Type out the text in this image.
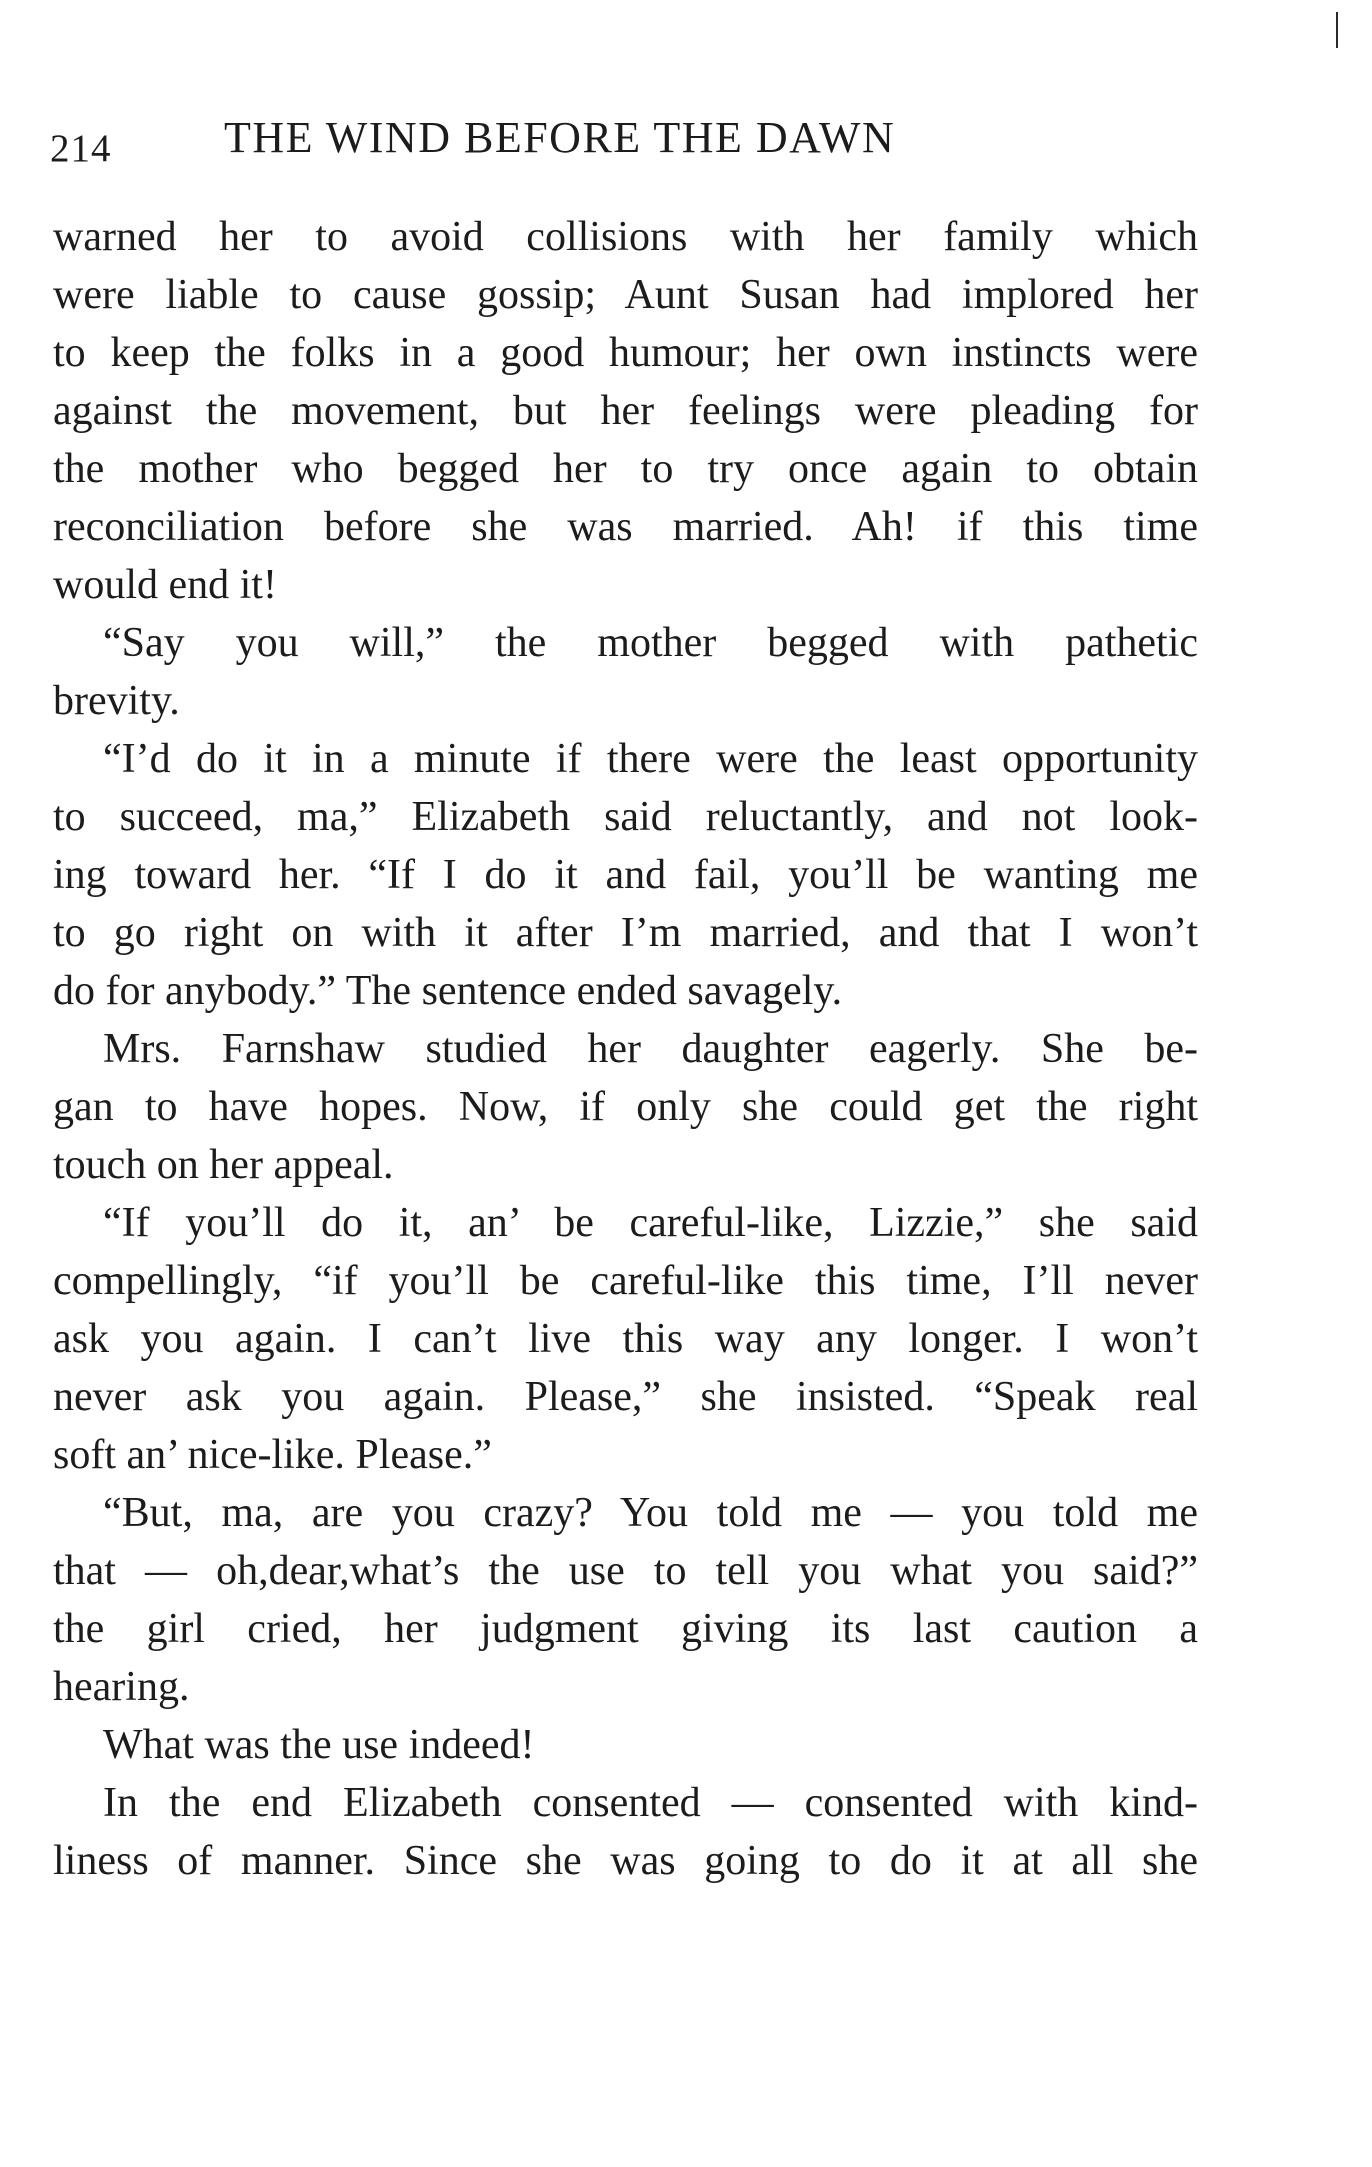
214	THE WIND BEFORE THE DAWN
warned her to avoid collisions with her family which
were liable to cause gossip; Aunt Susan had implored her
to keep the folks in a good humour; her own instincts were
against the movement, but her feelings were pleading for
the mother who begged her to try once again to obtain
reconciliation before she was married. Ah! if this time
would end it!
“Say you will,” the mother begged with pathetic
brevity.
“I’d do it in a minute if there were the least opportunity
to succeed, ma,” Elizabeth said reluctantly, and not look-
ing toward her. “If I do it and fail, you’ll be wanting me
to go right on with it after I’m married, and that I won’t
do for anybody.” The sentence ended savagely.
Mrs. Farnshaw studied her daughter eagerly. She be-
gan to have hopes. Now, if only she could get the right
touch on her appeal.
“If you’ll do it, an’ be careful-like, Lizzie,” she said
compellingly, “if you’ll be careful-like this time, I’ll never
ask you again. I can’t live this way any longer. I won’t
never ask you again. Please,” she insisted. “Speak real
soft an’ nice-like. Please.”
“But, ma, are you crazy? You told me — you told me
that — oh,dear,what’s the use to tell you what you said?”
the girl cried, her judgment giving its last caution a
hearing.
What was the use indeed!
In the end Elizabeth consented — consented with kind-
liness of manner. Since she was going to do it at all she
